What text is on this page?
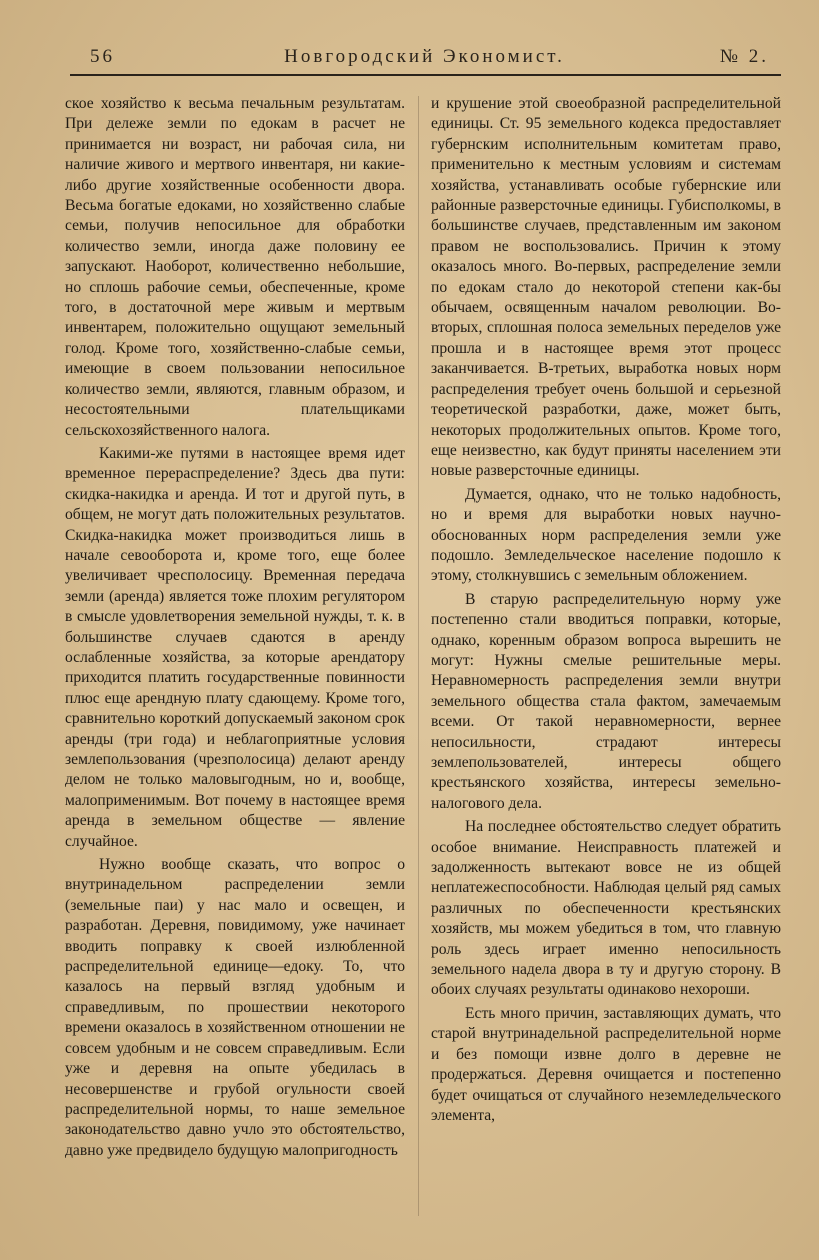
56	Новгородский Экономист.	№ 2.

ское хозяйство к весьма печальным результатам. При дележе земли по едокам в расчет не принимается ни возраст, ни рабочая сила, ни наличие живого и мертвого инвентаря, ни какие-либо другие хозяйственные особенности двора. Весьма богатые едоками, но хозяйственно слабые семьи, получив непосильное для обработки количество земли, иногда даже половину ее запускают. Наоборот, количественно небольшие, но сплошь рабочие семьи, обеспеченные, кроме того, в достаточной мере живым и мертвым инвентарем, положительно ощущают земельный голод. Кроме того, хозяйственно-слабые семьи, имеющие в своем пользовании непосильное количество земли, являются, главным образом, и несостоятельными плательщиками сельскохозяйственного налога.

Какими-же путями в настоящее время идет временное перераспределение? Здесь два пути: скидка-накидка и аренда. И тот и другой путь, в общем, не могут дать положительных результатов. Скидка-накидка может производиться лишь в начале севооборота и, кроме того, еще более увеличивает чресполосицу. Временная передача земли (аренда) является тоже плохим регулятором в смысле удовлетворения земельной нужды, т. к. в большинстве случаев сдаются в аренду ослабленные хозяйства, за которые арендатору приходится платить государственные повинности плюс еще арендную плату сдающему. Кроме того, сравнительно короткий допускаемый законом срок аренды (три года) и неблагоприятные условия землепользования (чрезполосица) делают аренду делом не только маловыгодным, но и, вообще, малоприменимым. Вот почему в настоящее время аренда в земельном обществе — явление случайное.

Нужно вообще сказать, что вопрос о внутринадельном распределении земли (земельные паи) у нас мало и освещен, и разработан. Деревня, повидимому, уже начинает вводить поправку к своей излюбленной распределительной единице—едоку. То, что казалось на первый взгляд удобным и справедливым, по прошествии некоторого времени оказалось в хозяйственном отношении не совсем удобным и не совсем справедливым. Если уже и деревня на опыте убедилась в несовершенстве и грубой огульности своей распределительной нормы, то наше земельное законодательство давно учло это обстоятельство, давно уже предвидело будущую малопригодность

и крушение этой своеобразной распределительной единицы. Ст. 95 земельного кодекса предоставляет губернским исполнительным комитетам право, применительно к местным условиям и системам хозяйства, устанавливать особые губернские или районные разверсточные единицы. Губисполкомы, в большинстве случаев, представленным им законом правом не воспользовались. Причин к этому оказалось много. Во-первых, распределение земли по едокам стало до некоторой степени как-бы обычаем, освященным началом революции. Во-вторых, сплошная полоса земельных переделов уже прошла и в настоящее время этот процесс заканчивается. В-третьих, выработка новых норм распределения требует очень большой и серьезной теоретической разработки, даже, может быть, некоторых продолжительных опытов. Кроме того, еще неизвестно, как будут приняты населением эти новые разверсточные единицы.

Думается, однако, что не только надобность, но и время для выработки новых научно-обоснованных норм распределения земли уже подошло. Земледельческое население подошло к этому, столкнувшись с земельным обложением.

В старую распределительную норму уже постепенно стали вводиться поправки, которые, однако, коренным образом вопроса вырешить не могут: Нужны смелые решительные меры. Неравномерность распределения земли внутри земельного общества стала фактом, замечаемым всеми. От такой неравномерности, вернее непосильности, страдают интересы землепользователей, интересы общего крестьянского хозяйства, интересы земельно-налогового дела.

На последнее обстоятельство следует обратить особое внимание. Неисправность платежей и задолженность вытекают вовсе не из общей неплатежеспособности. Наблюдая целый ряд самых различных по обеспеченности крестьянских хозяйств, мы можем убедиться в том, что главную роль здесь играет именно непосильность земельного надела двора в ту и другую сторону. В обоих случаях результаты одинаково нехороши.

Есть много причин, заставляющих думать, что старой внутринадельной распределительной норме и без помощи извне долго в деревне не продержаться. Деревня очищается и постепенно будет очищаться от случайного неземледельческого элемента,
